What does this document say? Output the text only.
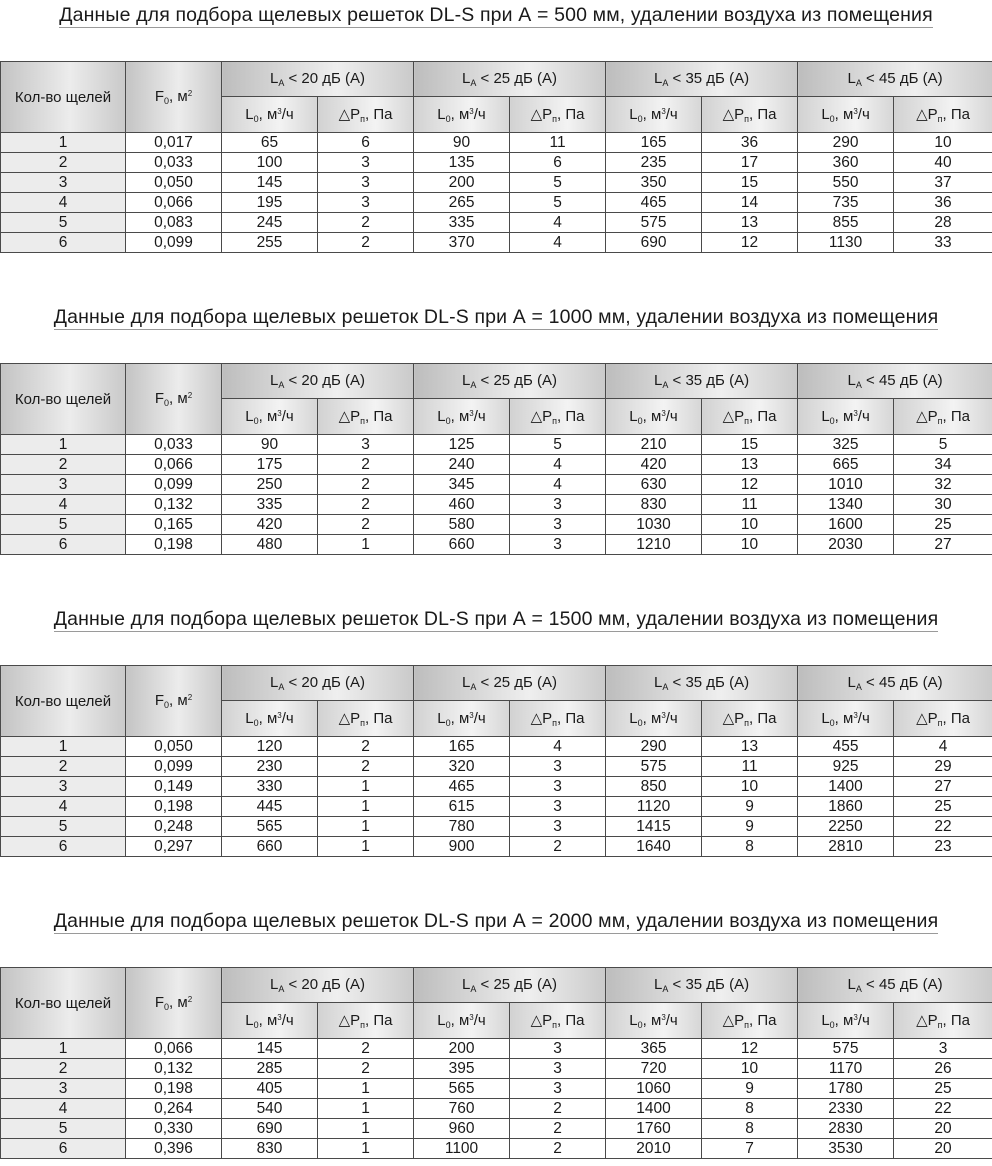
Данные для подбора щелевых решеток DL-S при А = 500 мм, удалении воздуха из помещения
Кол-во щелей	$F_0$, $м^2$	$L_A < 20$ дБ (А)		$L_A < 25$ дБ (А)		$L_A < 35$ дБ (А)		$L_A < 45$ дБ (А)	
		$L_0$, $м^3/ч$	$\triangle P_п$, Па	$L_0$, $м^3/ч$	$\triangle P_п$, Па	$L_0$, $м^3/ч$	$\triangle P_п$, Па	$L_0$, $м^3/ч$	$\triangle P_п$, Па
1	0,017	65	6	90	11	165	36	290	10
2	0,033	100	3	135	6	235	17	360	40
3	0,050	145	3	200	5	350	15	550	37
4	0,066	195	3	265	5	465	14	735	36
5	0,083	245	2	335	4	575	13	855	28
6	0,099	255	2	370	4	690	12	1130	33
Данные для подбора щелевых решеток DL-S при А = 1000 мм, удалении воздуха из помещения
Кол-во щелей	$F_0$, $м^2$	$L_A < 20$ дБ (А)		$L_A < 25$ дБ (А)		$L_A < 35$ дБ (А)		$L_A < 45$ дБ (А)	
		$L_0$, $м^3/ч$	$\triangle P_п$, Па	$L_0$, $м^3/ч$	$\triangle P_п$, Па	$L_0$, $м^3/ч$	$\triangle P_п$, Па	$L_0$, $м^3/ч$	$\triangle P_п$, Па
1	0,033	90	3	125	5	210	15	325	5
2	0,066	175	2	240	4	420	13	665	34
3	0,099	250	2	345	4	630	12	1010	32
4	0,132	335	2	460	3	830	11	1340	30
5	0,165	420	2	580	3	1030	10	1600	25
6	0,198	480	1	660	3	1210	10	2030	27
Данные для подбора щелевых решеток DL-S при А = 1500 мм, удалении воздуха из помещения
Кол-во щелей	$F_0$, $м^2$	$L_A < 20$ дБ (А)		$L_A < 25$ дБ (А)		$L_A < 35$ дБ (А)		$L_A < 45$ дБ (А)	
		$L_0$, $м^3/ч$	$\triangle P_п$, Па	$L_0$, $м^3/ч$	$\triangle P_п$, Па	$L_0$, $м^3/ч$	$\triangle P_п$, Па	$L_0$, $м^3/ч$	$\triangle P_п$, Па
1	0,050	120	2	165	4	290	13	455	4
2	0,099	230	2	320	3	575	11	925	29
3	0,149	330	1	465	3	850	10	1400	27
4	0,198	445	1	615	3	1120	9	1860	25
5	0,248	565	1	780	3	1415	9	2250	22
6	0,297	660	1	900	2	1640	8	2810	23
Данные для подбора щелевых решеток DL-S при А = 2000 мм, удалении воздуха из помещения
Кол-во щелей	$F_0$, $м^2$	$L_A < 20$ дБ (А)		$L_A < 25$ дБ (А)		$L_A < 35$ дБ (А)		$L_A < 45$ дБ (А)	
		$L_0$, $м^3/ч$	$\triangle P_п$, Па	$L_0$, $м^3/ч$	$\triangle P_п$, Па	$L_0$, $м^3/ч$	$\triangle P_п$, Па	$L_0$, $м^3/ч$	$\triangle P_п$, Па
1	0,066	145	2	200	3	365	12	575	3
2	0,132	285	2	395	3	720	10	1170	26
3	0,198	405	1	565	3	1060	9	1780	25
4	0,264	540	1	760	2	1400	8	2330	22
5	0,330	690	1	960	2	1760	8	2830	20
6	0,396	830	1	1100	2	2010	7	3530	20
